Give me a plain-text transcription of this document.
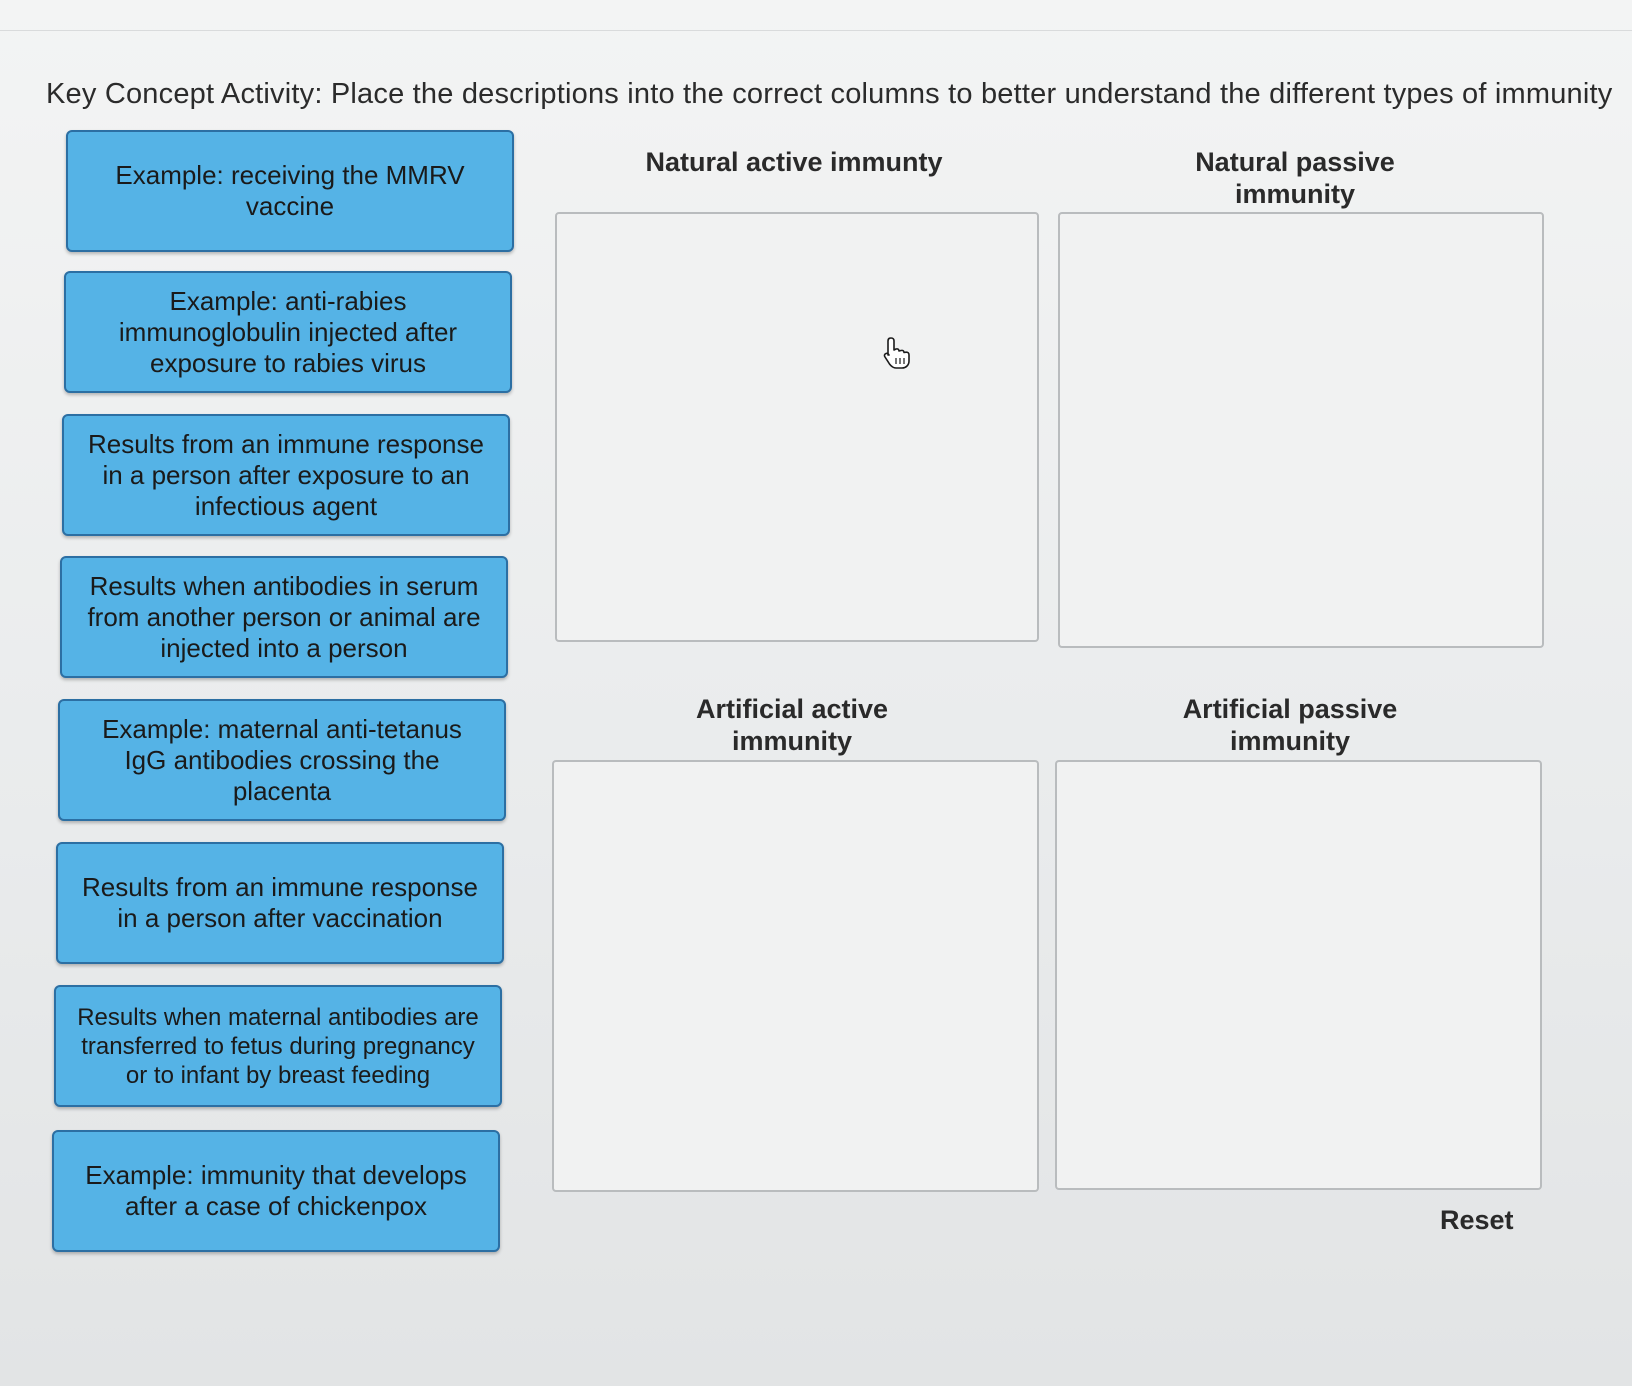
Key Concept Activity: Place the descriptions into the correct columns to better understand the different types of immunity
Example: receiving the MMRV vaccine
Example: anti-rabies immunoglobulin injected after exposure to rabies virus
Results from an immune response in a person after exposure to an infectious agent
Results when antibodies in serum from another person or animal are injected into a person
Example: maternal anti-tetanus IgG antibodies crossing the placenta
Results from an immune response in a person after vaccination
Results when maternal antibodies are transferred to fetus during pregnancy or to infant by breast feeding
Example: immunity that develops after a case of chickenpox
Natural active immunty	Natural passive immunity
Artificial active immunity
Artificial passive immunity
Reset
